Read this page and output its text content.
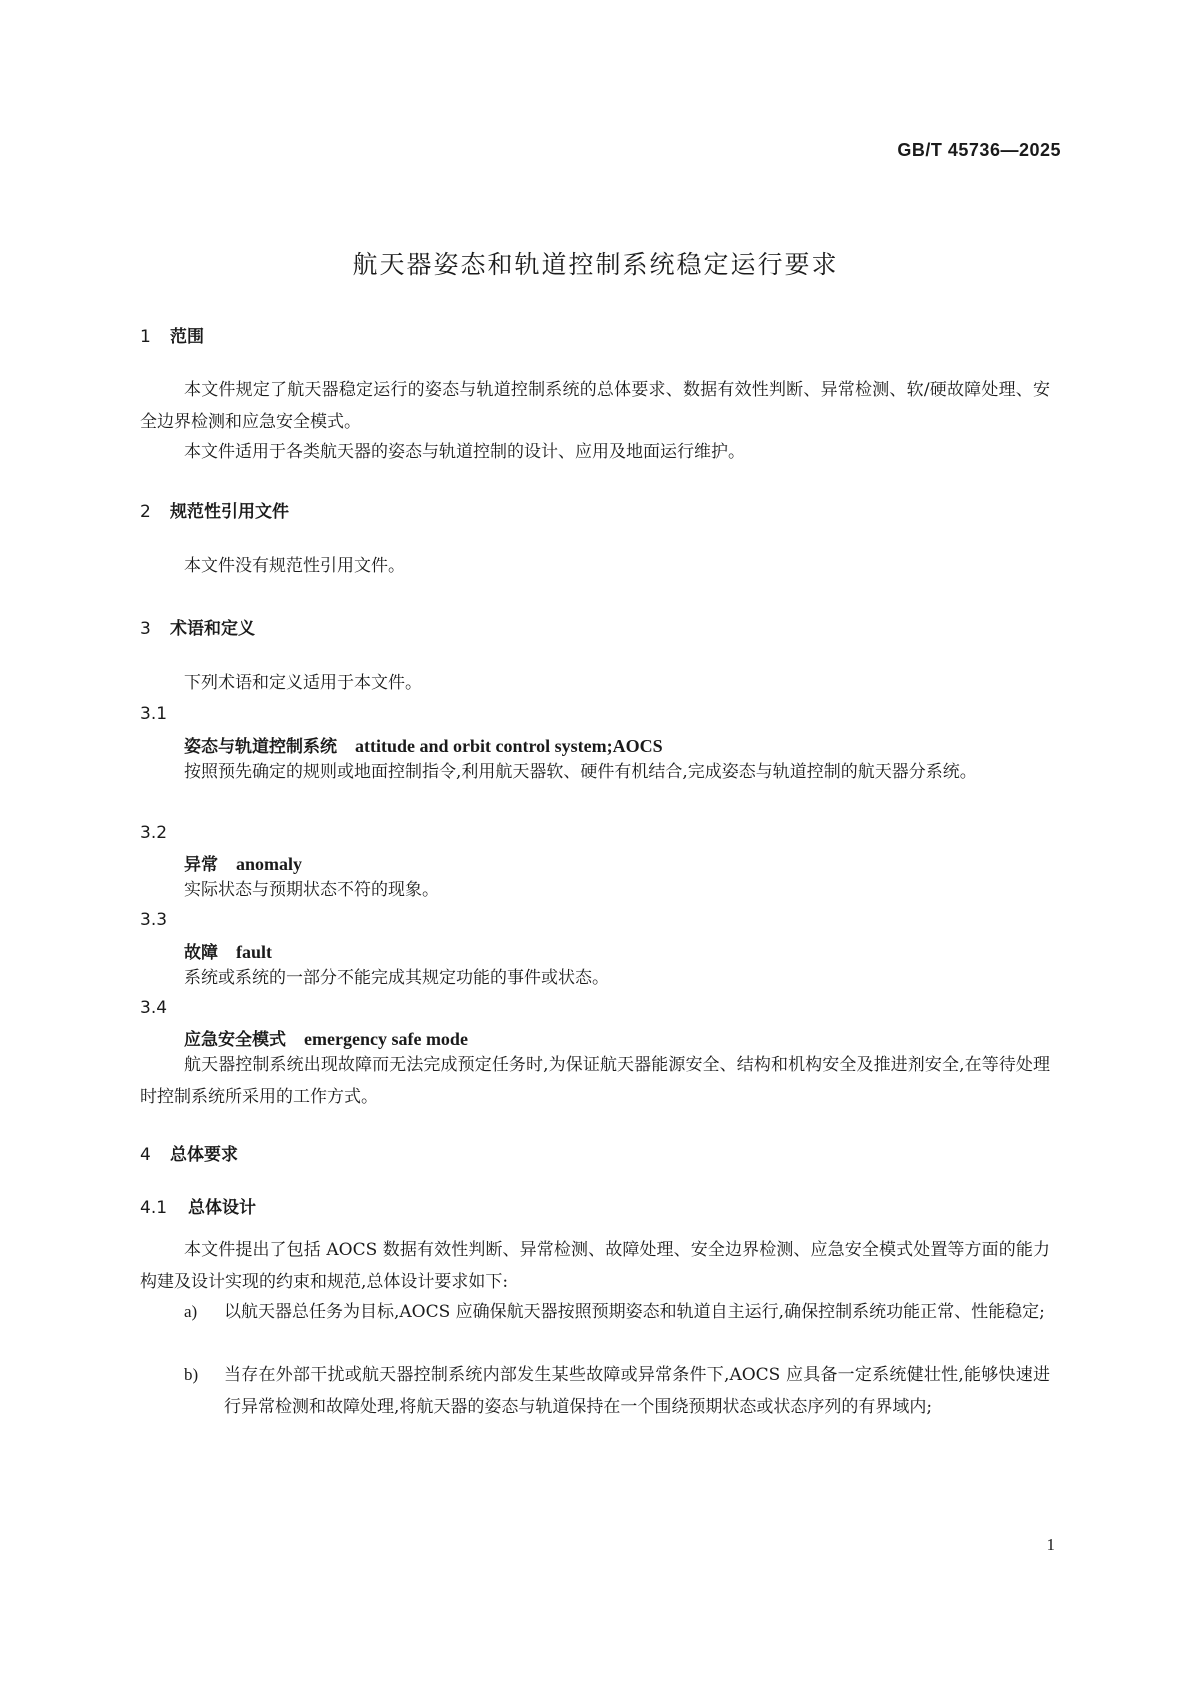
GB/T 45736—2025
航天器姿态和轨道控制系统稳定运行要求
1 范围
本文件规定了航天器稳定运行的姿态与轨道控制系统的总体要求、数据有效性判断、异常检测、软/硬故障处理、安全边界检测和应急安全模式。
本文件适用于各类航天器的姿态与轨道控制的设计、应用及地面运行维护。
2 规范性引用文件
本文件没有规范性引用文件。
3 术语和定义
下列术语和定义适用于本文件。
3.1
姿态与轨道控制系统 attitude and orbit control system;AOCS
按照预先确定的规则或地面控制指令,利用航天器软、硬件有机结合,完成姿态与轨道控制的航天器分系统。
3.2
异常 anomaly
实际状态与预期状态不符的现象。
3.3
故障 fault
系统或系统的一部分不能完成其规定功能的事件或状态。
3.4
应急安全模式 emergency safe mode
航天器控制系统出现故障而无法完成预定任务时,为保证航天器能源安全、结构和机构安全及推进剂安全,在等待处理时控制系统所采用的工作方式。
4 总体要求
4.1 总体设计
本文件提出了包括 AOCS 数据有效性判断、异常检测、故障处理、安全边界检测、应急安全模式处置等方面的能力构建及设计实现的约束和规范,总体设计要求如下:
a) 以航天器总任务为目标,AOCS 应确保航天器按照预期姿态和轨道自主运行,确保控制系统功能正常、性能稳定;
b) 当存在外部干扰或航天器控制系统内部发生某些故障或异常条件下,AOCS 应具备一定系统健壮性,能够快速进行异常检测和故障处理,将航天器的姿态与轨道保持在一个围绕预期状态或状态序列的有界域内;
1
